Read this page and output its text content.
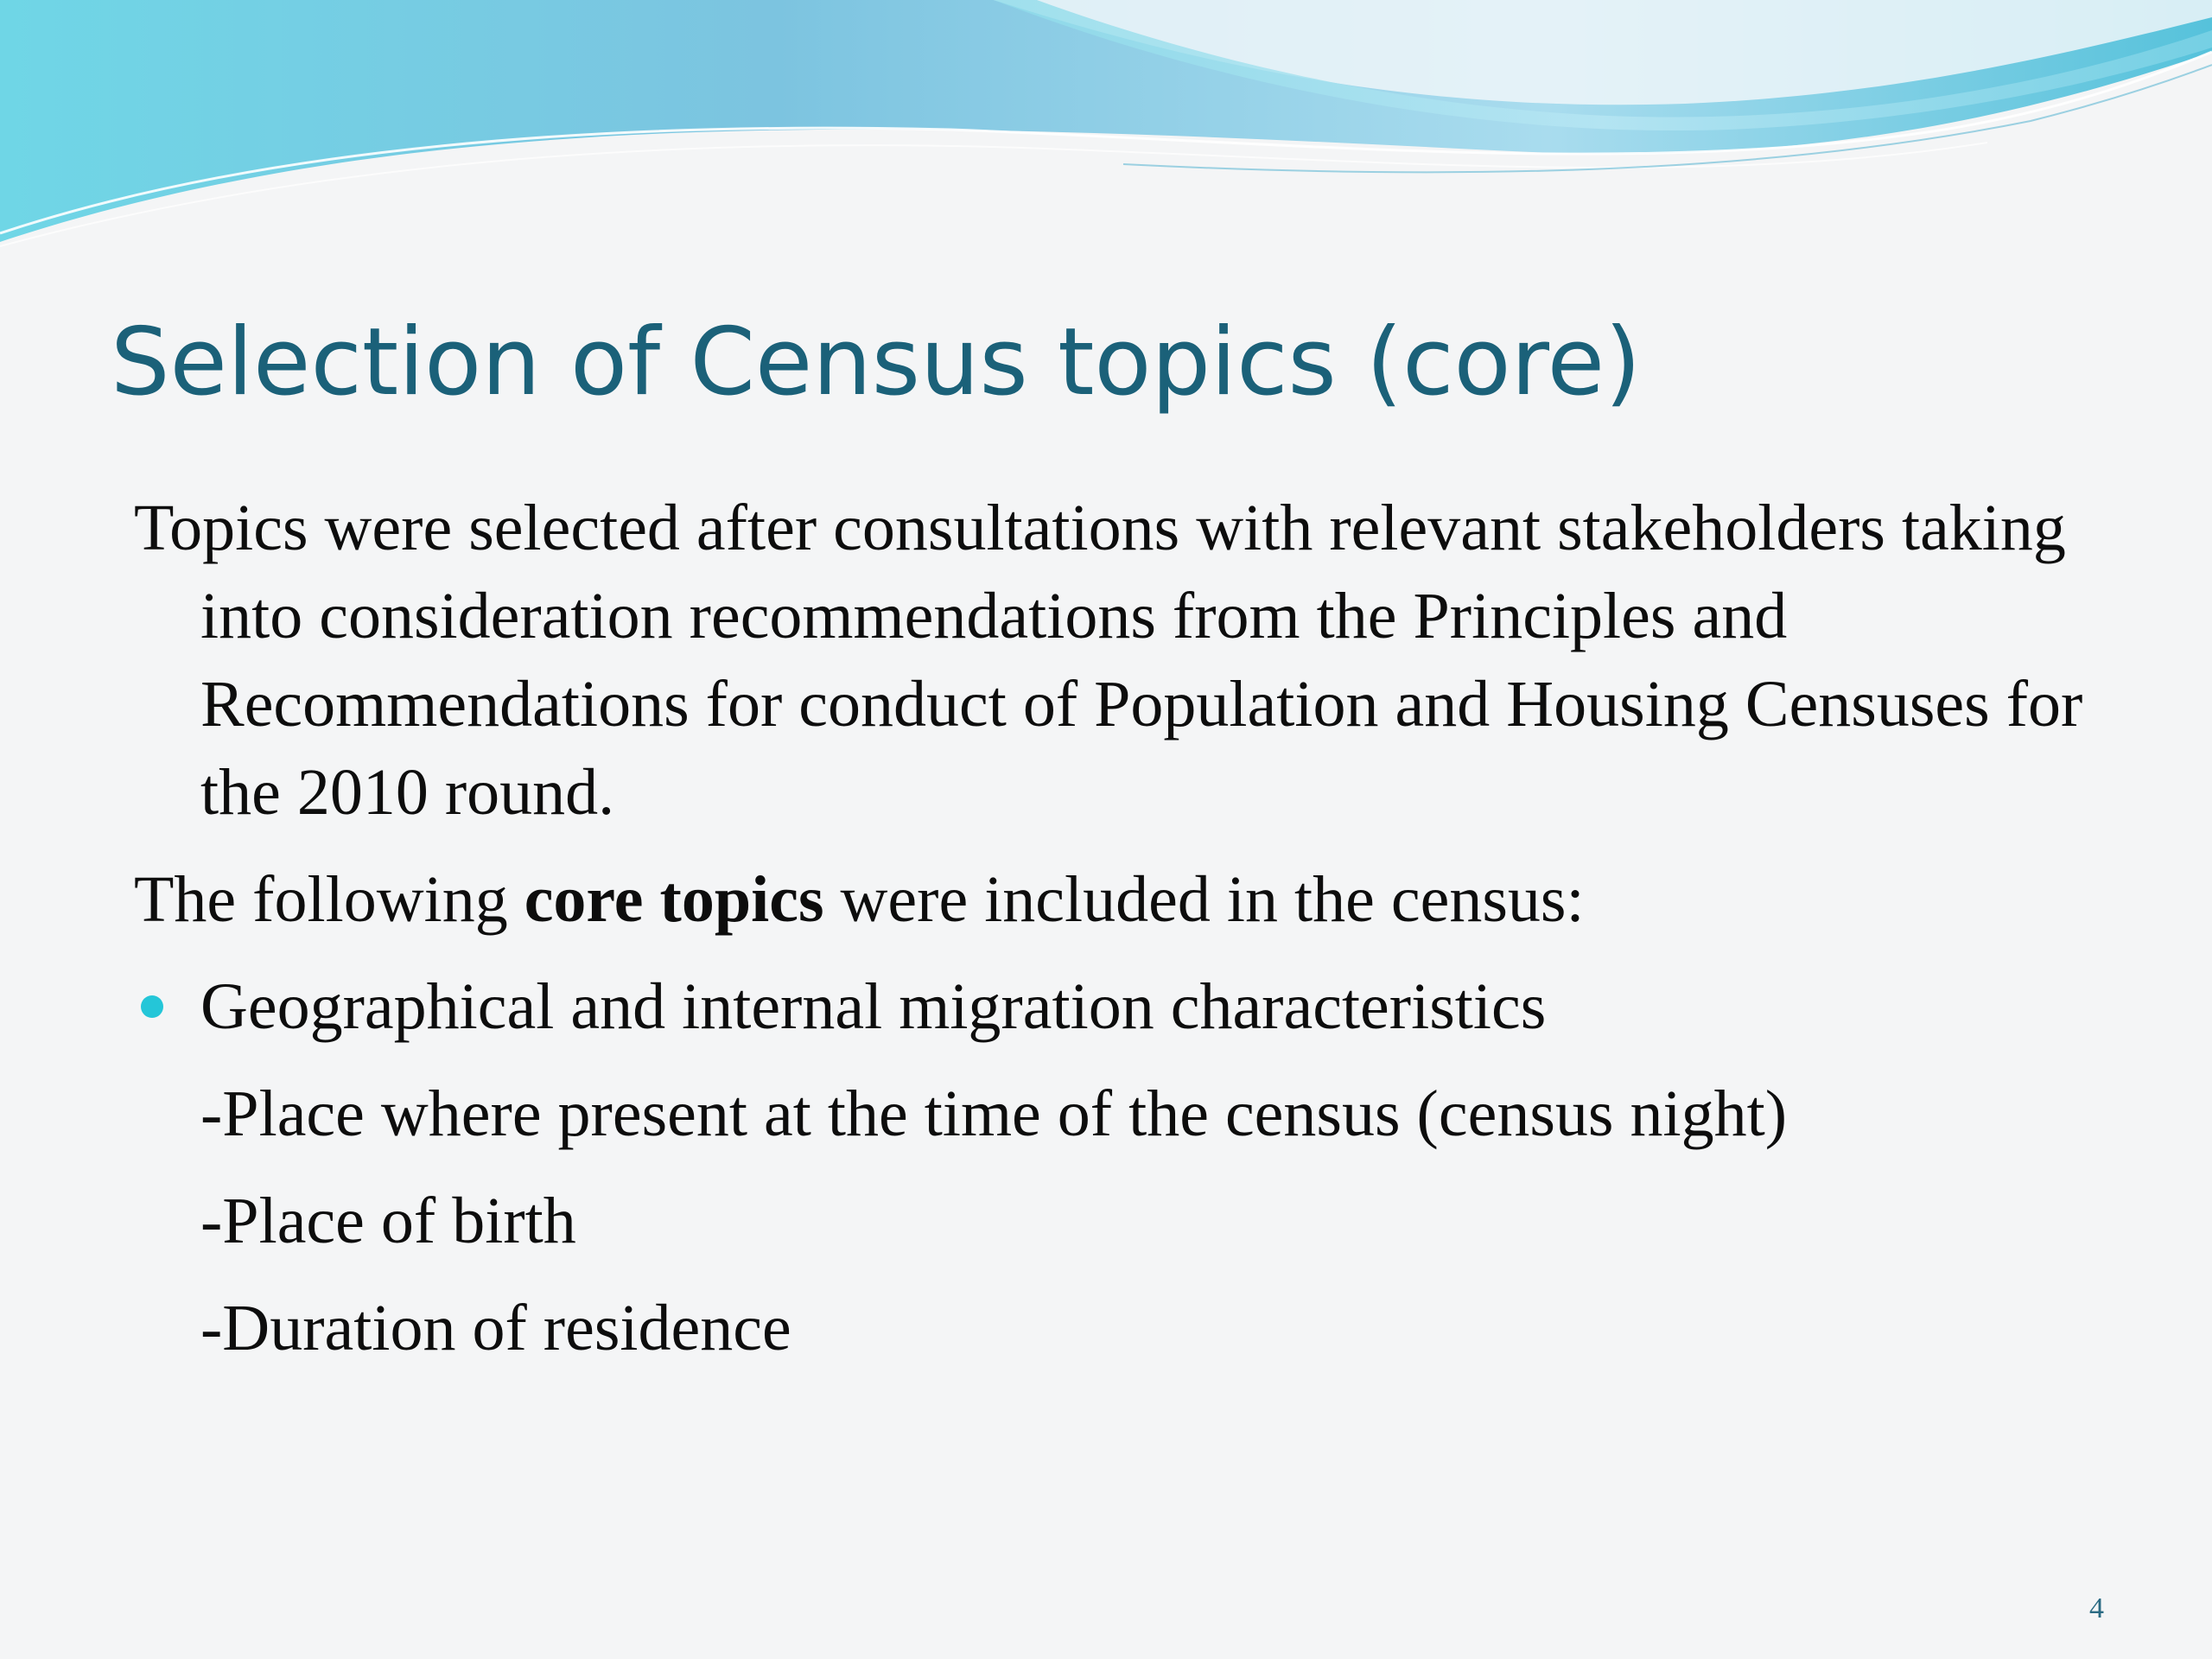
Selection of Census topics (core)

Topics were selected after consultations with relevant stakeholders taking into consideration recommendations from the Principles and Recommendations for conduct of Population and Housing Censuses for the 2010 round.

The following core topics were included in the census:

Geographical and internal migration characteristics

-Place where present at the time of the census (census night)

-Place of birth

-Duration of residence

4
